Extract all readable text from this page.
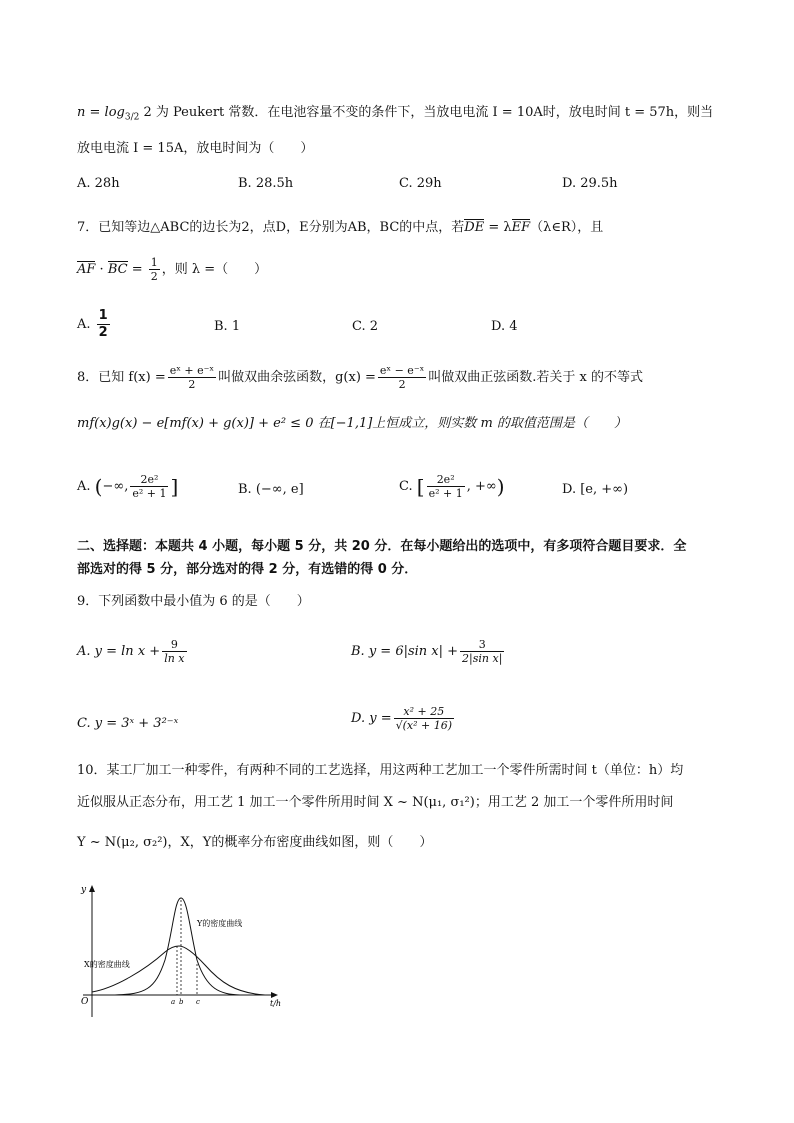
$n = \log_{3/2} 2$ 为 Peukert 常数．在电池容量不变的条件下，当放电电流 I = 10A时，放电时间 t = 57h，则当
放电电流 I = 15A，放电时间为（　　）
A. 28h	B. 28.5h	C. 29h	D. 29.5h
7．已知等边△ABC的边长为2，点D，E分别为AB，BC的中点，若DE = λEF（λ∈R），且
AF · BC = $\frac{1}{2}$ ，则 λ =（　　）
A. $\frac{1}{2}$	B. 1	C. 2	D. 4
8．已知 $f(x) = \frac{\text{eˣ + e⁻ˣ}}{2}$ 叫做双曲余弦函数，$g(x) = \frac{\text{eˣ − e⁻ˣ}}{2}$ 叫做双曲正弦函数.若关于 x 的不等式
mf(x)g(x) − e[mf(x) + g(x)] + e² ≤ 0 在[−1,1]上恒成立，则实数 m 的取值范围是（　　）
A. (−∞, $\frac{\text{2e²}}{\text{e² + 1}}$ ]	B. (−∞, e]	C. [ $\frac{\text{2e²}}{\text{e² + 1}}$ , +∞)	D. [e, +∞)
二、选择题：本题共 4 小题，每小题 5 分，共 20 分．在每小题给出的选项中，有多项符合题目要求．全
部选对的得 5 分，部分选对的得 2 分，有选错的得 0 分．
9．下列函数中最小值为 6 的是（　　）
A. $y = \ln x + \frac{9}{\text{ln x}}$	B. y = 6|sin $x| + \frac{3}{\text{2|sin x|}}$
C. y = 3ˣ + 3²⁻ˣ	D. $y = \frac{\text{x² + 25}}{\text{√(x² + 16)}}$
10．某工厂加工一种零件，有两种不同的工艺选择，用这两种工艺加工一个零件所需时间 t（单位：h）均
近似服从正态分布，用工艺 1 加工一个零件所用时间 X ~ N(μ₁, σ₁²)；用工艺 2 加工一个零件所用时间
Y ~ N(μ₂, σ₂²)，X，Y的概率分布密度曲线如图，则（　　）
y
t/h
O
Y的密度曲线
X的密度曲线
a b c
